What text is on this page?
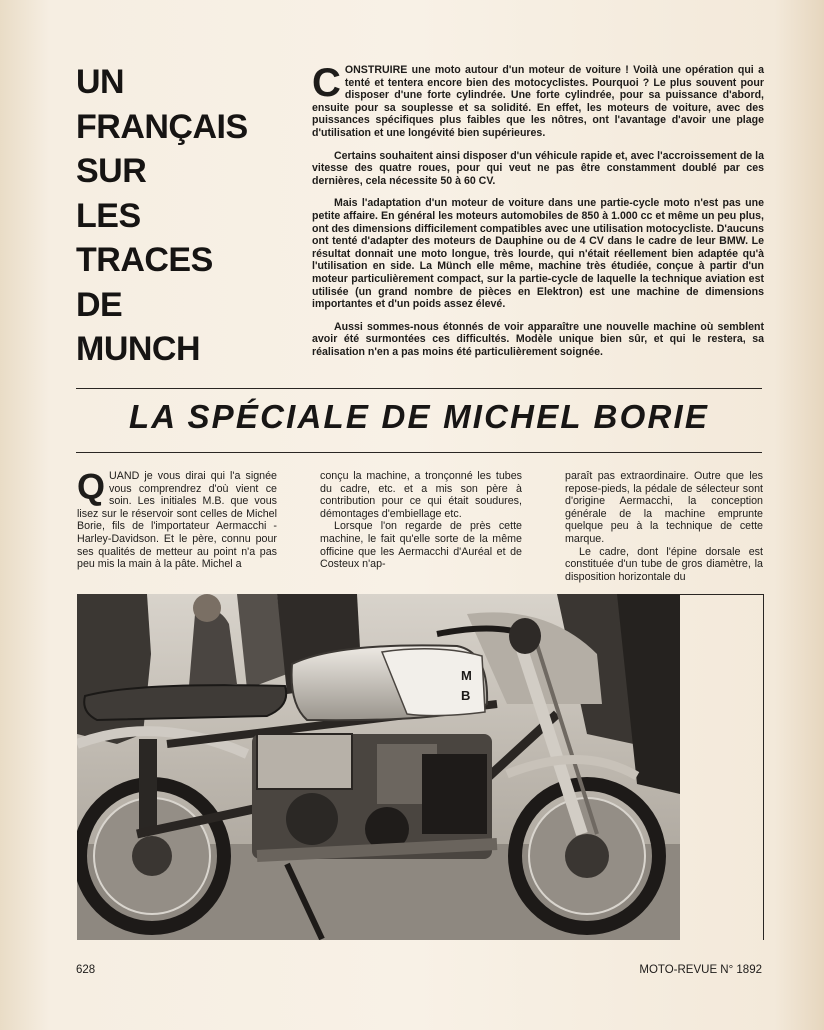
UN
FRANÇAIS
SUR
LES
TRACES
DE
MUNCH

CONSTRUIRE une moto autour d'un moteur de voiture ! Voilà une opération qui a tenté et tentera encore bien des motocyclistes. Pourquoi ? Le plus souvent pour disposer d'une forte cylindrée. Une forte cylindrée, pour sa puissance d'abord, ensuite pour sa souplesse et sa solidité. En effet, les moteurs de voiture, avec des puissances spécifiques plus faibles que les nôtres, ont l'avantage d'avoir une plage d'utilisation et une longévité bien supérieures.

Certains souhaitent ainsi disposer d'un véhicule rapide et, avec l'accroissement de la vitesse des quatre roues, pour qui veut ne pas être constamment doublé par ces dernières, cela nécessite 50 à 60 CV.

Mais l'adaptation d'un moteur de voiture dans une partie-cycle moto n'est pas une petite affaire. En général les moteurs automobiles de 850 à 1.000 cc et même un peu plus, ont des dimensions difficilement compatibles avec une utilisation motocycliste. D'aucuns ont tenté d'adapter des moteurs de Dauphine ou de 4 CV dans le cadre de leur BMW. Le résultat donnait une moto longue, très lourde, qui n'était réellement bien adaptée qu'à l'utilisation en side. La Münch elle même, machine très étudiée, conçue à partir d'un moteur particulièrement compact, sur la partie-cycle de laquelle la technique aviation est utilisée (un grand nombre de pièces en Elektron) est une machine de dimensions importantes et d'un poids assez élevé.

Aussi sommes-nous étonnés de voir apparaître une nouvelle machine où semblent avoir été surmontées ces difficultés. Modèle unique bien sûr, et qui le restera, sa réalisation n'en a pas moins été particulièrement soignée.

LA SPÉCIALE DE MICHEL BORIE

QUAND je vous dirai qui l'a signée vous comprendrez d'où vient ce soin. Les initiales M.B. que vous lisez sur le réservoir sont celles de Michel Borie, fils de l'importateur Aermacchi - Harley-Davidson. Et le père, connu pour ses qualités de metteur au point n'a pas peu mis la main à la pâte. Michel a

conçu la machine, a tronçonné les tubes du cadre, etc. et a mis son père à contribution pour ce qui était soudures, démontages d'embiellage etc.

Lorsque l'on regarde de près cette machine, le fait qu'elle sorte de la même officine que les Aermacchi d'Auréal et de Costeux n'ap-

paraît pas extraordinaire. Outre que les repose-pieds, la pédale de sélecteur sont d'origine Aermacchi, la conception générale de la machine emprunte quelque peu à la technique de cette marque.

Le cadre, dont l'épine dorsale est constituée d'un tube de gros diamètre, la disposition horizontale du

M
B
628	MOTO-REVUE N° 1892
